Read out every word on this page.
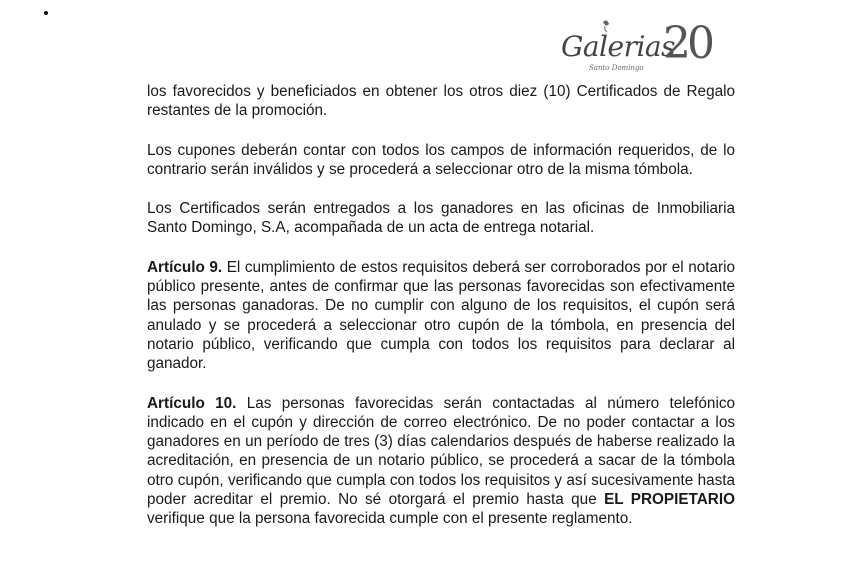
Galerias
Santo Domingo 20

los favorecidos y beneficiados en obtener los otros diez (10) Certificados de Regalo restantes de la promoción.

Los cupones deberán contar con todos los campos de información requeridos, de lo contrario serán inválidos y se procederá a seleccionar otro de la misma tómbola.

Los Certificados serán entregados a los ganadores en las oficinas de Inmobiliaria Santo Domingo, S.A, acompañada de un acta de entrega notarial.

Artículo 9. El cumplimiento de estos requisitos deberá ser corroborados por el notario público presente, antes de confirmar que las personas favorecidas son efectivamente las personas ganadoras. De no cumplir con alguno de los requisitos, el cupón será anulado y se procederá a seleccionar otro cupón de la tómbola, en presencia del notario público, verificando que cumpla con todos los requisitos para declarar al ganador.

Artículo 10. Las personas favorecidas serán contactadas al número telefónico indicado en el cupón y dirección de correo electrónico. De no poder contactar a los ganadores en un período de tres (3) días calendarios después de haberse realizado la acreditación, en presencia de un notario público, se procederá a sacar de la tómbola otro cupón, verificando que cumpla con todos los requisitos y así sucesivamente hasta poder acreditar el premio. No sé otorgará el premio hasta que EL PROPIETARIO verifique que la persona favorecida cumple con el presente reglamento.
